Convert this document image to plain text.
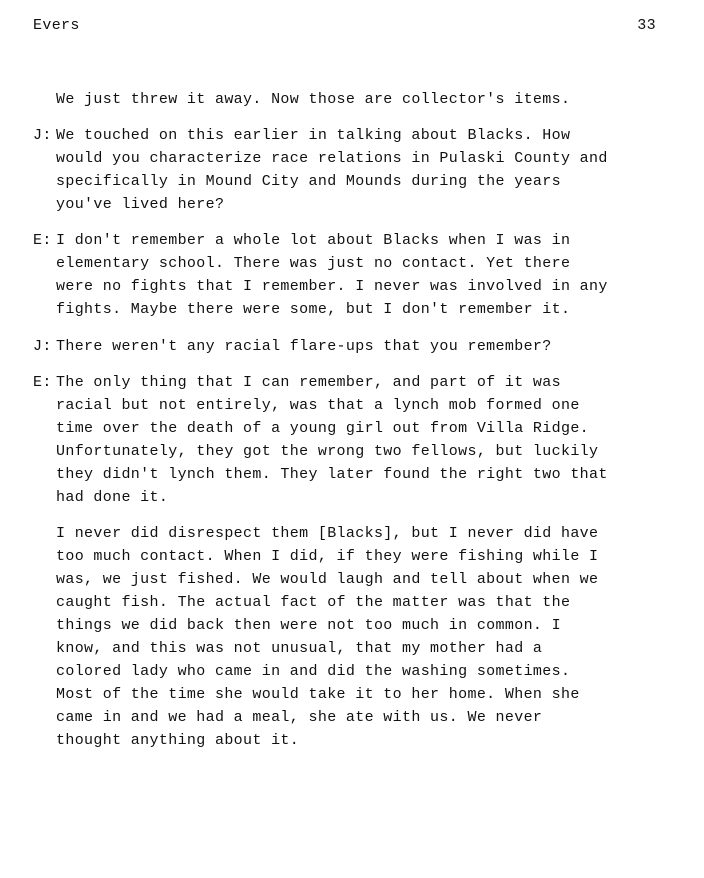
Evers	33
We just threw it away. Now those are collector's items.
J: We touched on this earlier in talking about Blacks. How
would you characterize race relations in Pulaski County and
specifically in Mound City and Mounds during the years
you've lived here?
E: I don't remember a whole lot about Blacks when I was in
elementary school. There was just no contact. Yet there
were no fights that I remember. I never was involved in any
fights. Maybe there were some, but I don't remember it.
J: There weren't any racial flare-ups that you remember?
E: The only thing that I can remember, and part of it was
racial but not entirely, was that a lynch mob formed one
time over the death of a young girl out from Villa Ridge.
Unfortunately, they got the wrong two fellows, but luckily
they didn't lynch them. They later found the right two that
had done it.
I never did disrespect them [Blacks], but I never did have
too much contact. When I did, if they were fishing while I
was, we just fished. We would laugh and tell about when we
caught fish. The actual fact of the matter was that the
things we did back then were not too much in common. I
know, and this was not unusual, that my mother had a
colored lady who came in and did the washing sometimes.
Most of the time she would take it to her home. When she
came in and we had a meal, she ate with us. We never
thought anything about it.
